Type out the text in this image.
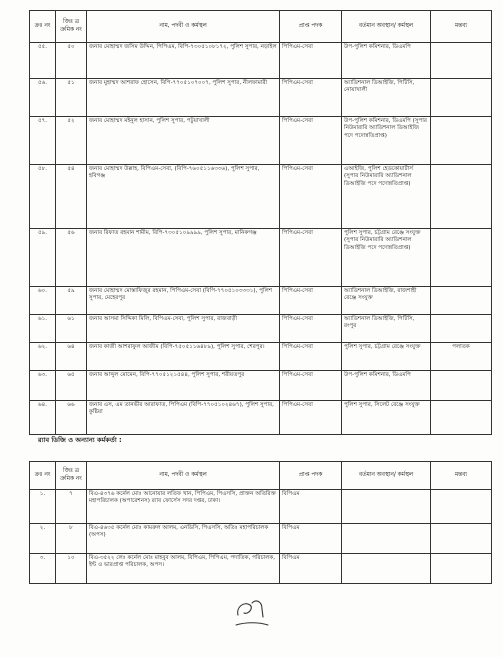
ক্রঃ নং	জিঃ ত্র ক্রমিক নং	নাম, পদবী ও কর্মস্থল	প্রাপ্ত পদক	বর্তমান অবস্থান/ কর্মস্থল	মন্তব্য
৫৫.	৫০	জনাব মোহাম্মদ জসিম উদ্দিন, পিপিএম, বিপি-৭৩০৫১০৮১৭২, পুলিশ সুপার, নড়াইল	পিপিএম-সেবা	উপ-পুলিশ কমিশনার, ডিএমপি	
৫৬.	৫১	জনাব মুহাম্মদ আশরাফ হোসেন, বিপি-৭৭০৫১০৭০০৭, পুলিশ সুপার, নীলফামারী	পিপিএম-সেবা	অ্যাডিশনাল ডিআইজি, পিটিসি, নোয়াখালী	
৫৭.	৫২	জনাব মোহাম্মদ মইনুল হাসান, পুলিশ সুপার, পটুয়াখালী	পিপিএম-সেবা	উপ-পুলিশ কমিশনার, ডিএমপি (সুপার নিউমারারি অ্যাডিশনাল ডিআইজি পদে পদোন্নতিপ্রাপ্ত)	
৫৮.	৫৪	জনাব মোহাম্মদ উল্লাহ, বিপিএম-সেবা, (বিপি-৭৬০৫১১৬৩৩৬), পুলিশ সুপার, হবিগঞ্জ	পিপিএম-সেবা	এআইজি, পুলিশ হেডকোয়ার্টার্স (সুপার নিউমারারি অ্যাডিশনাল ডিআইজি পদে পদোন্নতিপ্রাপ্ত)	
৫৯.	৫৬	জনাব রিফাত রহমান শামীম, বিপি-৭৩০৫১০৯৯৯৯, পুলিশ সুপার, মানিকগঞ্জ	পিপিএম-সেবা	পুলিশ সুপার, চট্টগ্রাম রেঞ্জে সংযুক্ত (সুপার নিউমারারি অ্যাডিশনাল ডিআইজি পদে পদোন্নতিপ্রাপ্ত)	
৬০.	৫৯	জনাব মোহাম্মদ মোস্তাফিজুর রহমান, পিপিএম-সেবা (বিপি-৭৭০৫১০৩৩৩১), পুলিশ সুপার, মেহেরপুর	পিপিএম-সেবা	অ্যাডিশনাল ডিআইজি, রাজশাহী রেঞ্জে সংযুক্ত	
৬১.	৬১	জনাব আসমা সিদ্দিকা মিলি, বিপিএম-সেবা, পুলিশ সুপার, রাজবাড়ী	পিপিএম-সেবা	অ্যাডিশনাল ডিআইজি, পিটিসি, রংপুর	
৬২.	৬৪	জনাব কাজী আশরাফুল আজীম (বিপি-৭৫০৫১১৬৪৮৯), পুলিশ সুপার, শেরপুর।	পিপিএম-সেবা	পুলিশ সুপার, চট্টগ্রাম রেঞ্জে সংযুক্ত	পলাতক
৬৩.	৬৫	জনাব আব্দুল মোমেন, বিপি-৭৭০৫১২১৫৪৪, পুলিশ সুপার, শরীয়তপুর	পিপিএম-সেবা	উপ-পুলিশ কমিশনার, ডিএমপি	
৬৪.	৬৬	জনাব এস, এম তানভীর আরাফাত, পিপিএম (বিপি-৭৭০৫১০২৪৬৭), পুলিশ সুপার, কুষ্টিয়া	পিপিএম-সেবা	পুলিশ সুপার, সিলেট রেঞ্জে সংযুক্ত	
র‍্যাব ডিজি ও অন্যান্য কর্মকর্তা :
ক্রঃ নং	জিঃ ত্র ক্রমিক নং	নাম, পদবী ও কর্মস্থল	প্রাপ্ত পদক	বর্তমান অবস্থান/ কর্মস্থল	মন্তব্য
১.	৭	বিএ-৪৩৭৬ কর্নেল মোঃ আনোয়ার লতিফ খান, পিপিএম, পিএসসি, প্রাক্তন অতিরিক্ত মহাপরিচালক (অপারেশনস) র‍্যাব ফোর্সেস সদর দপ্তর, ঢাকা।	বিপিএম		
২.	৮	বিএ-৪৬৩৫ কর্নেল মোঃ কামরুল আলম, এনডিসি, পিএসসি, অতিঃ মহাপরিচালক (অপস)	বিপিএম		
৩.	১০	বিএ-৩৫২২ লেঃ কর্নেল মোঃ মাহবুব আলম, বিপিএম, পিপিএম, পদাতিক, পরিচালক, ইন্ট ও ভারপ্রাপ্ত পরিচালক, অপস।	বিপিএম		
